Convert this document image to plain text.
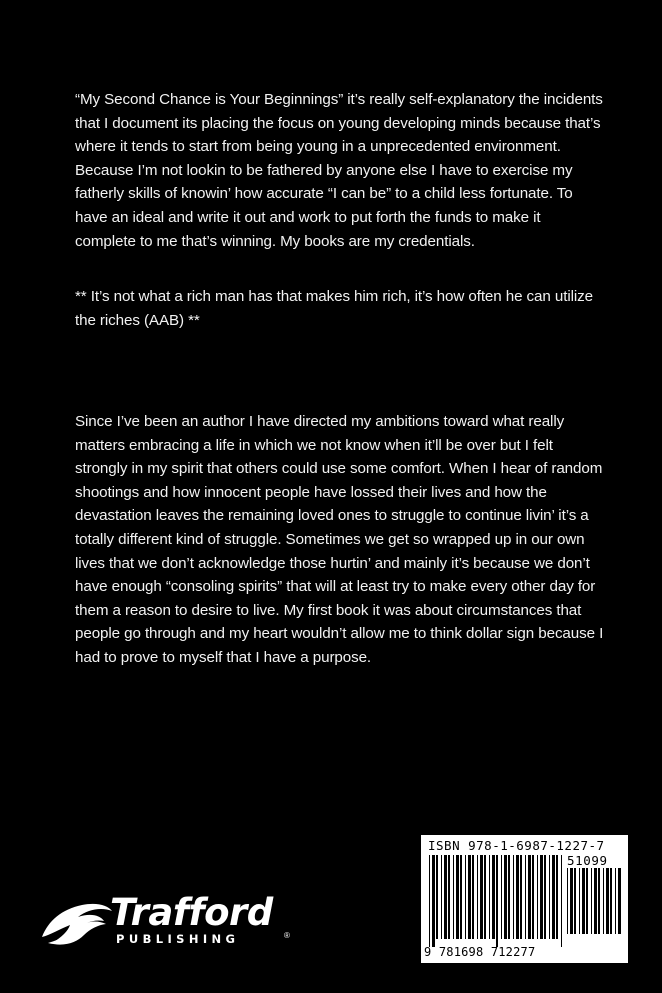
“My Second Chance is Your Beginnings” it’s really self-explanatory the incidents that I document its placing the focus on young developing minds because that’s where it tends to start from being young in a unprecedented environment. Because I’m not lookin to be fathered by anyone else I have to exercise my fatherly skills of knowin’ how accurate “I can be” to a child less fortunate. To have an ideal and write it out and work to put forth the funds to make it complete to me that’s winning. My books are my credentials.

** It’s not what a rich man has that makes him rich, it’s how often he can utilize the riches (AAB) **

Since I’ve been an author I have directed my ambitions toward what really matters embracing a life in which we not know when it’ll be over but I felt strongly in my spirit that others could use some comfort. When I hear of random shootings and how innocent people have lossed their lives and how the devastation leaves the remaining loved ones to struggle to continue livin’ it’s a totally different kind of struggle. Sometimes we get so wrapped up in our own lives that we don’t acknowledge those hurtin’ and mainly it’s because we don’t have enough “consoling spirits” that will at least try to make every other day for them a reason to desire to live. My first book it was about circumstances that people go through and my heart wouldn’t allow me to think dollar sign because I had to prove to myself that I have a purpose.

Trafford
PUBLISHING	®
ISBN 978-1-6987-1227-7
51099
9 781698 712277
